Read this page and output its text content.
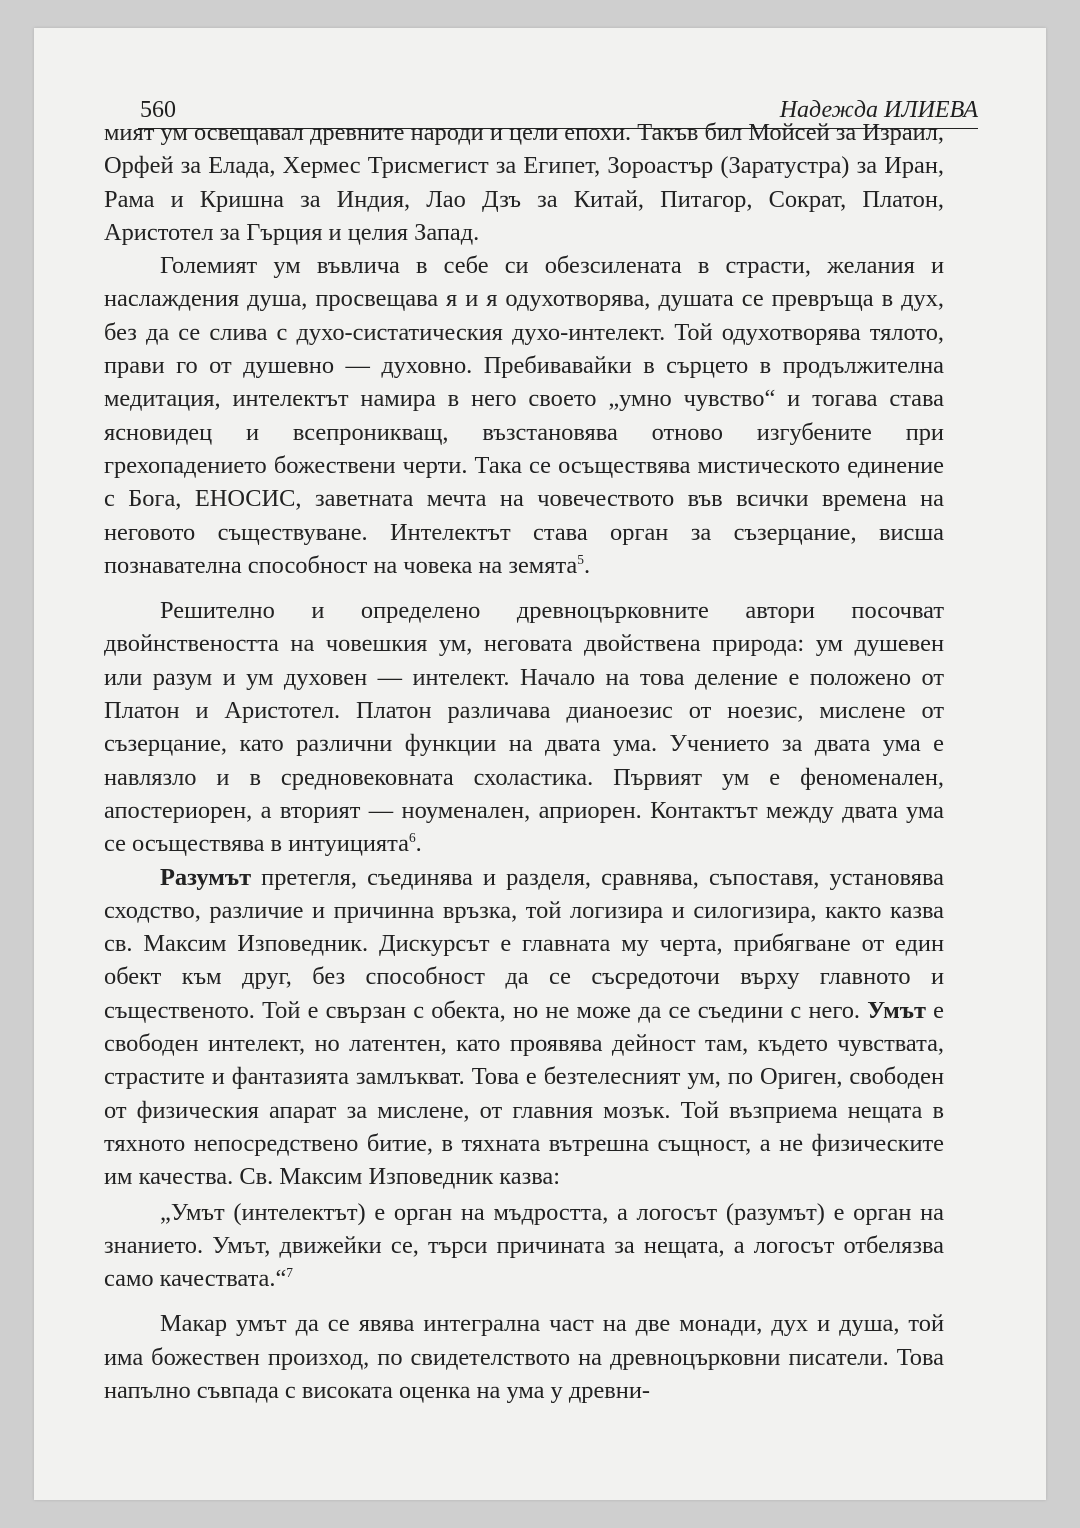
560	Надежда ИЛИЕВА

мият ум освещавал древните народи и цели епохи. Такъв бил Мойсей за Израил, Орфей за Елада, Хермес Трисмегист за Египет, Зороастър (Заратустра) за Иран, Рама и Кришна за Индия, Лао Дзъ за Китай, Питагор, Сократ, Платон, Аристотел за Гърция и целия Запад.

Големият ум въвлича в себе си обезсилената в страсти, желания и наслаждения душа, просвещава я и я одухотворява, душата се превръща в дух, без да се слива с духо-систатическия духо-интелект. Той одухотворява тялото, прави го от душевно — духовно. Пребивавайки в сърцето в продължителна медитация, интелектът намира в него своето „умно чувство“ и тогава става ясновидец и всепроникващ, възстановява отново изгубените при грехопадението божествени черти. Така се осъществява мистическото единение с Бога, ЕНОСИС, заветната мечта на човечеството във всички времена на неговото съществуване. Интелектът става орган за съзерцание, висша познавателна способност на човека на земята$^5$.

Решително и определено древноцърковните автори посочват двойнствеността на човешкия ум, неговата двойствена природа: ум душевен или разум и ум духовен — интелект. Начало на това деление е положено от Платон и Аристотел. Платон различава дианоезис от ноезис, мислене от съзерцание, като различни функции на двата ума. Учението за двата ума е навлязло и в средновековната схоластика. Първият ум е феноменален, апостериорен, а вторият — ноуменален, априорен. Контактът между двата ума се осъществява в интуицията$^6$.

Разумът претегля, съединява и разделя, сравнява, съпоставя, установява сходство, различие и причинна връзка, той логизира и силогизира, както казва св. Максим Изповедник. Дискурсът е главната му черта, прибягване от един обект към друг, без способност да се съсредоточи върху главното и същественото. Той е свързан с обекта, но не може да се съедини с него. Умът е свободен интелект, но латентен, като проявява дейност там, където чувствата, страстите и фантазията замлъкват. Това е безтелесният ум, по Ориген, свободен от физическия апарат за мислене, от главния мозък. Той възприема нещата в тяхното непосредствено битие, в тяхната вътрешна същност, а не физическите им качества. Св. Максим Изповедник казва:

„Умът (интелектът) е орган на мъдростта, а логосът (разумът) е орган на знанието. Умът, движейки се, търси причината за нещата, а логосът отбелязва само качествата.“$^7$

Макар умът да се явява интегрална част на две монади, дух и душа, той има божествен произход, по свидетелството на древноцърковни писатели. Това напълно съвпада с високата оценка на ума у древни-
